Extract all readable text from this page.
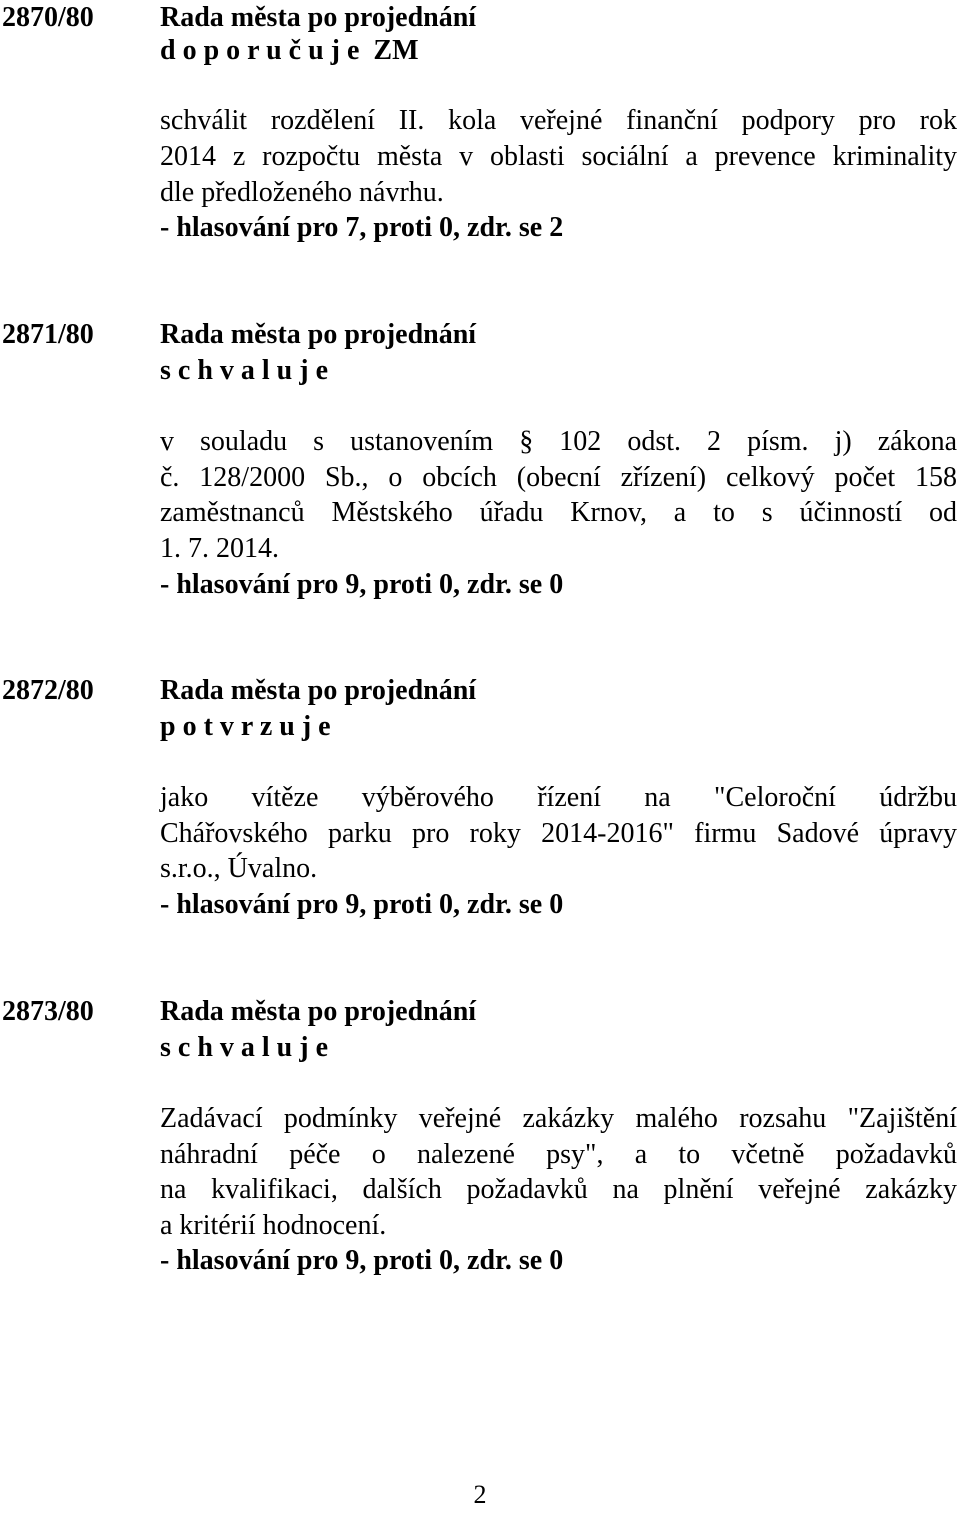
2870/80 Rada města po projednání
d o p o r u č u j e  ZM
schválit rozdělení II. kola veřejné finanční podpory pro rok
2014 z rozpočtu města v oblasti sociální a prevence kriminality
dle předloženého návrhu.
- hlasování pro 7, proti 0, zdr. se 2
2871/80 Rada města po projednání
s c h v a l u j e
v souladu s ustanovením § 102 odst. 2 písm. j) zákona
č. 128/2000 Sb., o obcích (obecní zřízení) celkový počet 158
zaměstnanců Městského úřadu Krnov, a to s účinností od
1. 7. 2014.
- hlasování pro 9, proti 0, zdr. se 0
2872/80 Rada města po projednání
p o t v r z u j e
jako vítěze výběrového řízení na "Celoroční údržbu
Chářovského parku pro roky 2014-2016" firmu Sadové úpravy
s.r.o., Úvalno.
- hlasování pro 9, proti 0, zdr. se 0
2873/80 Rada města po projednání
s c h v a l u j e
Zadávací podmínky veřejné zakázky malého rozsahu "Zajištění
náhradní péče o nalezené psy", a to včetně požadavků
na kvalifikaci, dalších požadavků na plnění veřejné zakázky
a kritérií hodnocení.
- hlasování pro 9, proti 0, zdr. se 0
2
